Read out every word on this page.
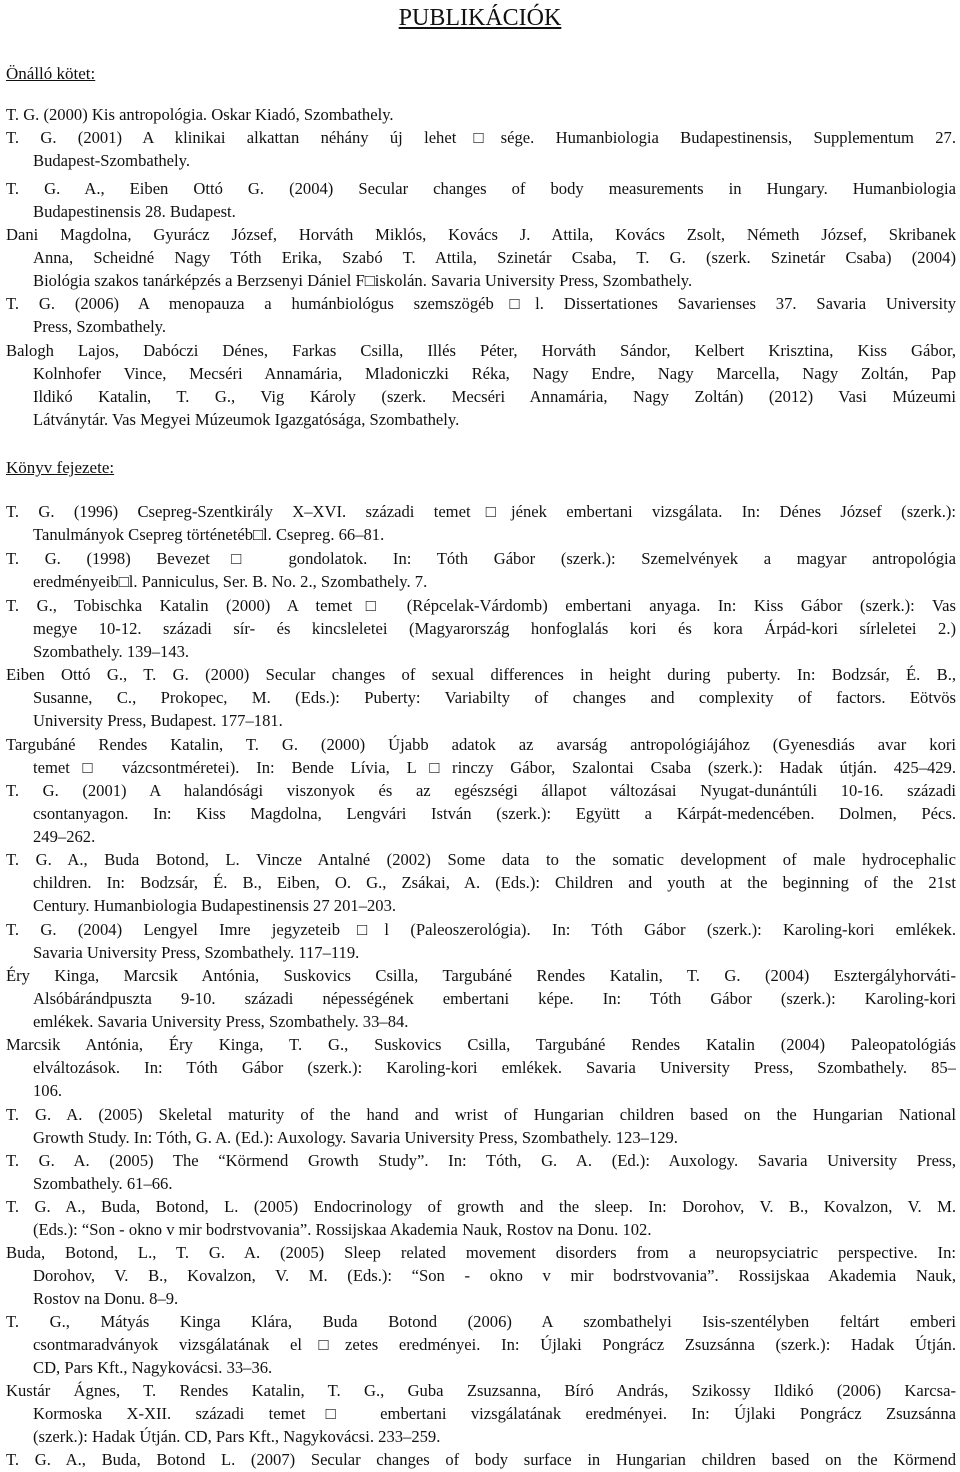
PUBLIKÁCIÓK
Önálló kötet:
Könyv fejezete:
T. G. (2000) Kis antropológia. Oskar Kiadó, Szombathely.
T. G. (2001) A klinikai alkattan néhány új lehet□sége. Humanbiologia Budapestinensis, Supplementum 27.
Budapest-Szombathely.
T. G. A., Eiben Ottó G. (2004) Secular changes of body measurements in Hungary. Humanbiologia
Budapestinensis 28. Budapest.
Dani Magdolna, Gyurácz József, Horváth Miklós, Kovács J. Attila, Kovács Zsolt, Németh József, Skribanek
Anna, Scheidné Nagy Tóth Erika, Szabó T. Attila, Szinetár Csaba, T. G. (szerk. Szinetár Csaba) (2004)
Biológia szakos tanárképzés a Berzsenyi Dániel F□iskolán. Savaria University Press, Szombathely.
T. G. (2006) A menopauza a humánbiológus szemszögéb□l. Dissertationes Savarienses 37. Savaria University
Press, Szombathely.
Balogh Lajos, Dabóczi Dénes, Farkas Csilla, Illés Péter, Horváth Sándor, Kelbert Krisztina, Kiss Gábor,
Kolnhofer Vince, Mecséri Annamária, Mladoniczki Réka, Nagy Endre, Nagy Marcella, Nagy Zoltán, Pap
Ildikó Katalin, T. G., Vig Károly (szerk. Mecséri Annamária, Nagy Zoltán) (2012) Vasi Múzeumi
Látványtár. Vas Megyei Múzeumok Igazgatósága, Szombathely.
T. G. (1996) Csepreg-Szentkirály X–XVI. századi temet□jének embertani vizsgálata. In: Dénes József (szerk.):
Tanulmányok Csepreg történetéb□l. Csepreg. 66–81.
T. G. (1998) Bevezet□ gondolatok. In: Tóth Gábor (szerk.): Szemelvények a magyar antropológia
eredményeib□l. Panniculus, Ser. B. No. 2., Szombathely. 7.
T. G., Tobischka Katalin (2000) A temet□ (Répcelak-Várdomb) embertani anyaga. In: Kiss Gábor (szerk.): Vas
megye 10-12. századi sír- és kincsleletei (Magyarország honfoglalás kori és kora Árpád-kori sírleletei 2.)
Szombathely. 139–143.
Eiben Ottó G., T. G. (2000) Secular changes of sexual differences in height during puberty. In: Bodzsár, É. B.,
Susanne, C., Prokopec, M. (Eds.): Puberty: Variabilty of changes and complexity of factors. Eötvös
University Press, Budapest. 177–181.
Targubáné Rendes Katalin, T. G. (2000) Újabb adatok az avarság antropológiájához (Gyenesdiás avar kori
temet□ vázcsontméretei). In: Bende Lívia, L□rinczy Gábor, Szalontai Csaba (szerk.): Hadak útján. 425–429.
T. G. (2001) A halandósági viszonyok és az egészségi állapot változásai Nyugat-dunántúli 10-16. századi
csontanyagon. In: Kiss Magdolna, Lengvári István (szerk.): Együtt a Kárpát-medencében. Dolmen, Pécs.
249–262.
T. G. A., Buda Botond, L. Vincze Antalné (2002) Some data to the somatic development of male hydrocephalic
children. In: Bodzsár, É. B., Eiben, O. G., Zsákai, A. (Eds.): Children and youth at the beginning of the 21st
Century. Humanbiologia Budapestinensis 27 201–203.
T. G. (2004) Lengyel Imre jegyzeteib□l (Paleoszerológia). In: Tóth Gábor (szerk.): Karoling-kori emlékek.
Savaria University Press, Szombathely. 117–119.
Éry Kinga, Marcsik Antónia, Suskovics Csilla, Targubáné Rendes Katalin, T. G. (2004) Esztergályhorváti-
Alsóbárándpuszta 9-10. századi népességének embertani képe. In: Tóth Gábor (szerk.): Karoling-kori
emlékek. Savaria University Press, Szombathely. 33–84.
Marcsik Antónia, Éry Kinga, T. G., Suskovics Csilla, Targubáné Rendes Katalin (2004) Paleopatológiás
elváltozások. In: Tóth Gábor (szerk.): Karoling-kori emlékek. Savaria University Press, Szombathely. 85–
106.
T. G. A. (2005) Skeletal maturity of the hand and wrist of Hungarian children based on the Hungarian National
Growth Study. In: Tóth, G. A. (Ed.): Auxology. Savaria University Press, Szombathely. 123–129.
T. G. A. (2005) The “Körmend Growth Study”. In: Tóth, G. A. (Ed.): Auxology. Savaria University Press,
Szombathely. 61–66.
T. G. A., Buda, Botond, L. (2005) Endocrinology of growth and the sleep. In: Dorohov, V. B., Kovalzon, V. M.
(Eds.): “Son - okno v mir bodrstvovania”. Rossijskaa Akademia Nauk, Rostov na Donu. 102.
Buda, Botond, L., T. G. A. (2005) Sleep related movement disorders from a neuropsyciatric perspective. In:
Dorohov, V. B., Kovalzon, V. M. (Eds.): “Son - okno v mir bodrstvovania”. Rossijskaa Akademia Nauk,
Rostov na Donu. 8–9.
T. G., Mátyás Kinga Klára, Buda Botond (2006) A szombathelyi Isis-szentélyben feltárt emberi
csontmaradványok vizsgálatának el□zetes eredményei. In: Újlaki Pongrácz Zsuzsánna (szerk.): Hadak Útján.
CD, Pars Kft., Nagykovácsi. 33–36.
Kustár Ágnes, T. Rendes Katalin, T. G., Guba Zsuzsanna, Bíró András, Szikossy Ildikó (2006) Karcsa-
Kormoska X-XII. századi temet□ embertani vizsgálatának eredményei. In: Újlaki Pongrácz Zsuzsánna
(szerk.): Hadak Útján. CD, Pars Kft., Nagykovácsi. 233–259.
T. G. A., Buda, Botond L. (2007) Secular changes of body surface in Hungarian children based on the Körmend
